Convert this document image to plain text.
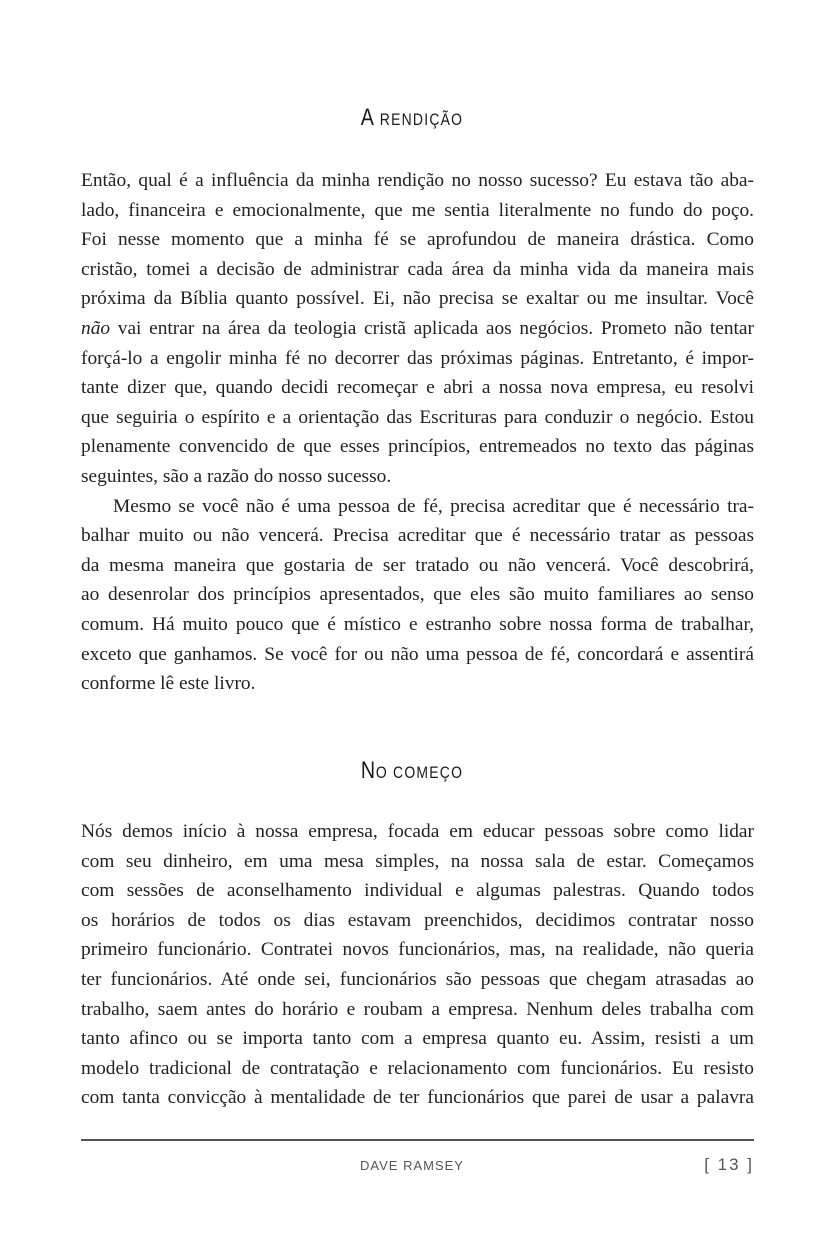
A RENDIÇÃO

Então, qual é a influência da minha rendição no nosso sucesso? Eu estava tão aba-
lado, financeira e emocionalmente, que me sentia literalmente no fundo do poço.
Foi nesse momento que a minha fé se aprofundou de maneira drástica. Como
cristão, tomei a decisão de administrar cada área da minha vida da maneira mais
próxima da Bíblia quanto possível. Ei, não precisa se exaltar ou me insultar. Você
não vai entrar na área da teologia cristã aplicada aos negócios. Prometo não tentar
forçá-lo a engolir minha fé no decorrer das próximas páginas. Entretanto, é impor-
tante dizer que, quando decidi recomeçar e abri a nossa nova empresa, eu resolvi
que seguiria o espírito e a orientação das Escrituras para conduzir o negócio. Estou
plenamente convencido de que esses princípios, entremeados no texto das páginas
seguintes, são a razão do nosso sucesso.

Mesmo se você não é uma pessoa de fé, precisa acreditar que é necessário tra-
balhar muito ou não vencerá. Precisa acreditar que é necessário tratar as pessoas
da mesma maneira que gostaria de ser tratado ou não vencerá. Você descobrirá,
ao desenrolar dos princípios apresentados, que eles são muito familiares ao senso
comum. Há muito pouco que é místico e estranho sobre nossa forma de trabalhar,
exceto que ganhamos. Se você for ou não uma pessoa de fé, concordará e assentirá
conforme lê este livro.

NO COMEÇO

Nós demos início à nossa empresa, focada em educar pessoas sobre como lidar
com seu dinheiro, em uma mesa simples, na nossa sala de estar. Começamos
com sessões de aconselhamento individual e algumas palestras. Quando todos
os horários de todos os dias estavam preenchidos, decidimos contratar nosso
primeiro funcionário. Contratei novos funcionários, mas, na realidade, não queria
ter funcionários. Até onde sei, funcionários são pessoas que chegam atrasadas ao
trabalho, saem antes do horário e roubam a empresa. Nenhum deles trabalha com
tanto afinco ou se importa tanto com a empresa quanto eu. Assim, resisti a um
modelo tradicional de contratação e relacionamento com funcionários. Eu resisto
com tanta convicção à mentalidade de ter funcionários que parei de usar a palavra

DAVE RAMSEY	[ 13 ]
